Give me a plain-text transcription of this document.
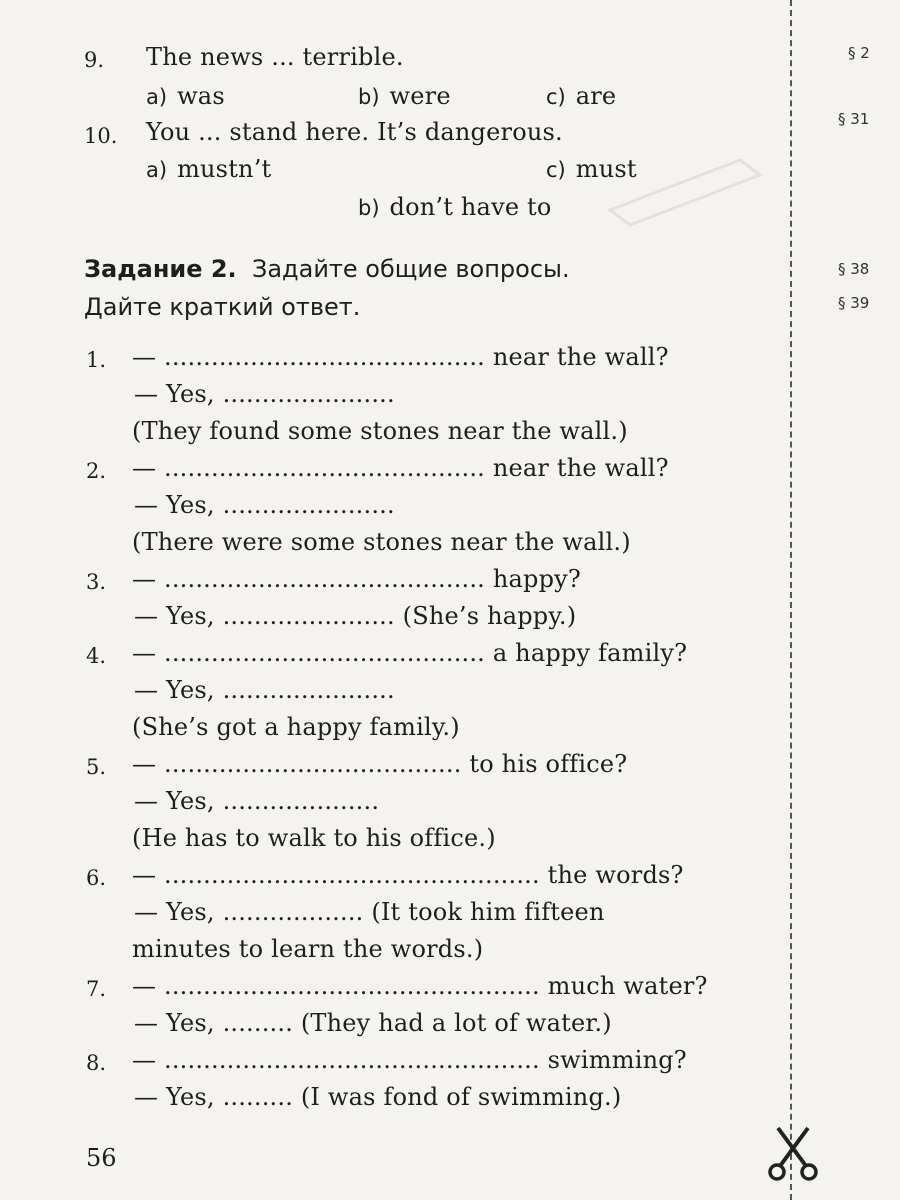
§ 2
§ 31
§ 38
§ 39
9. The news ... terrible.
a) was	b) were	c) are
10. You ... stand here. It’s dangerous.
a) mustn’t	c) must
b) don’t have to
Задание 2. Задайте общие вопросы.
Дайте краткий ответ.
1. — ......................................... near the wall?
— Yes, ......................
(They found some stones near the wall.)
2. — ......................................... near the wall?
— Yes, ......................
(There were some stones near the wall.)
3. — ......................................... happy?
— Yes, ...................... (She’s happy.)
4. — ......................................... a happy family?
— Yes, ......................
(She’s got a happy family.)
5. — ...................................... to his office?
— Yes, ....................
(He has to walk to his office.)
6. — ................................................ the words?
— Yes, .................. (It took him fifteen
minutes to learn the words.)
7. — ................................................ much water?
— Yes, ......... (They had a lot of water.)
8. — ................................................ swimming?
— Yes, ......... (I was fond of swimming.)
56
